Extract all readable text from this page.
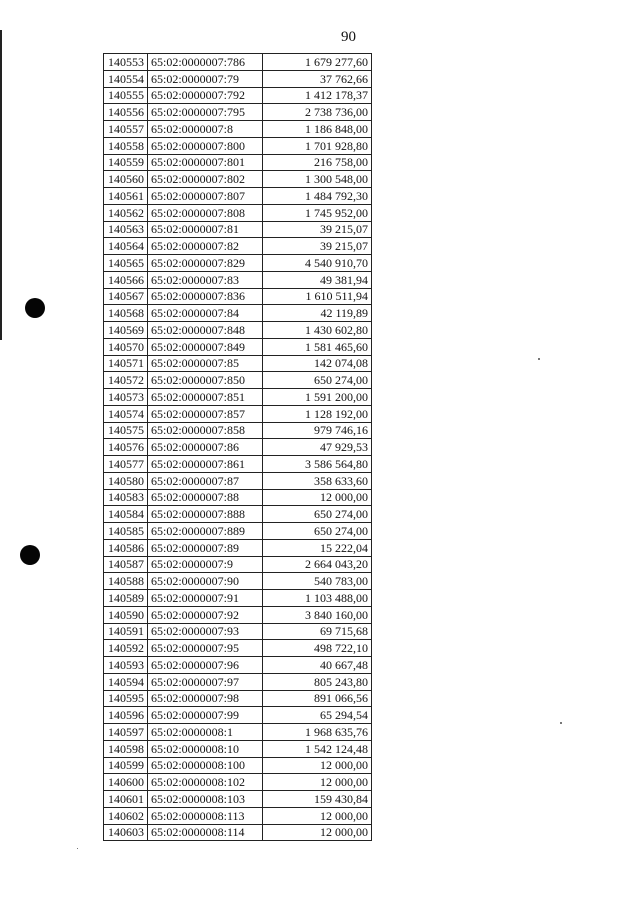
90
140553	65:02:0000007:786	1 679 277,60
140554	65:02:0000007:79	37 762,66
140555	65:02:0000007:792	1 412 178,37
140556	65:02:0000007:795	2 738 736,00
140557	65:02:0000007:8	1 186 848,00
140558	65:02:0000007:800	1 701 928,80
140559	65:02:0000007:801	216 758,00
140560	65:02:0000007:802	1 300 548,00
140561	65:02:0000007:807	1 484 792,30
140562	65:02:0000007:808	1 745 952,00
140563	65:02:0000007:81	39 215,07
140564	65:02:0000007:82	39 215,07
140565	65:02:0000007:829	4 540 910,70
140566	65:02:0000007:83	49 381,94
140567	65:02:0000007:836	1 610 511,94
140568	65:02:0000007:84	42 119,89
140569	65:02:0000007:848	1 430 602,80
140570	65:02:0000007:849	1 581 465,60
140571	65:02:0000007:85	142 074,08
140572	65:02:0000007:850	650 274,00
140573	65:02:0000007:851	1 591 200,00
140574	65:02:0000007:857	1 128 192,00
140575	65:02:0000007:858	979 746,16
140576	65:02:0000007:86	47 929,53
140577	65:02:0000007:861	3 586 564,80
140580	65:02:0000007:87	358 633,60
140583	65:02:0000007:88	12 000,00
140584	65:02:0000007:888	650 274,00
140585	65:02:0000007:889	650 274,00
140586	65:02:0000007:89	15 222,04
140587	65:02:0000007:9	2 664 043,20
140588	65:02:0000007:90	540 783,00
140589	65:02:0000007:91	1 103 488,00
140590	65:02:0000007:92	3 840 160,00
140591	65:02:0000007:93	69 715,68
140592	65:02:0000007:95	498 722,10
140593	65:02:0000007:96	40 667,48
140594	65:02:0000007:97	805 243,80
140595	65:02:0000007:98	891 066,56
140596	65:02:0000007:99	65 294,54
140597	65:02:0000008:1	1 968 635,76
140598	65:02:0000008:10	1 542 124,48
140599	65:02:0000008:100	12 000,00
140600	65:02:0000008:102	12 000,00
140601	65:02:0000008:103	159 430,84
140602	65:02:0000008:113	12 000,00
140603	65:02:0000008:114	12 000,00
